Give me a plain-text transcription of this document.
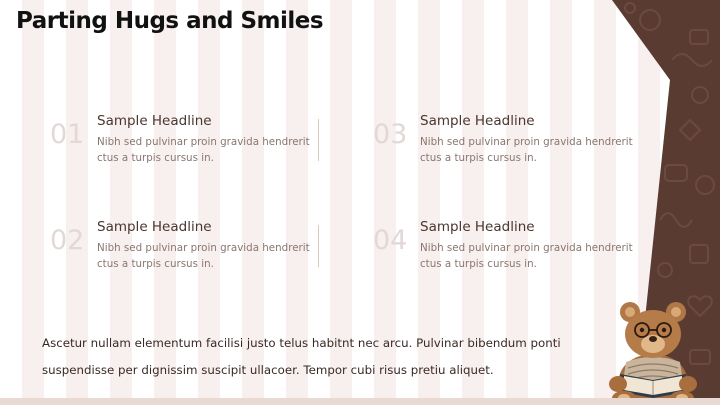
Parting Hugs and Smiles
01 Sample Headline
Nibh sed pulvinar proin gravida hendrerit ctus a turpis cursus in.
03 Sample Headline
Nibh sed pulvinar proin gravida hendrerit ctus a turpis cursus in.
02 Sample Headline
Nibh sed pulvinar proin gravida hendrerit ctus a turpis cursus in.
04 Sample Headline
Nibh sed pulvinar proin gravida hendrerit ctus a turpis cursus in.

Ascetur nullam elementum facilisi justo telus habitnt nec arcu. Pulvinar bibendum ponti suspendisse per dignissim suscipit ullacoer. Tempor cubi risus pretiu aliquet.
